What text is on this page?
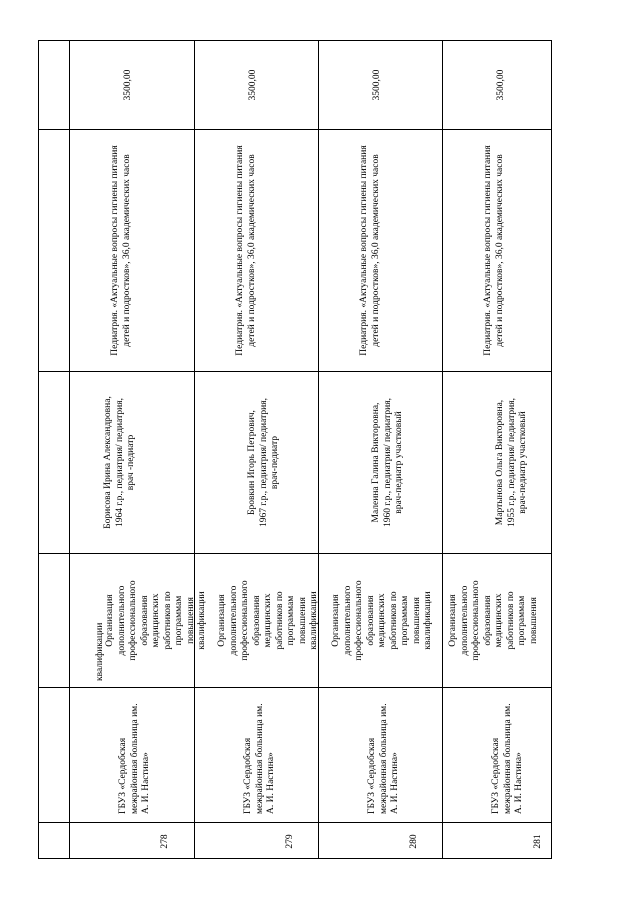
квалификации
3500,00
Педиатрия. «Актуальные вопросы гигиены питания детей и подростков», 36,0 академических часов
Борисова Ирина Александровна,
1964 г.р., педиатрия/ педиатрия,
врач -педиатр
Организация
дополнительного
профессионального
образования
медицинских
работников по
программам
повышения
квалификации
ГБУЗ «Сердобская межрайонная больница им. А. И. Настина»
278
3500,00
Педиатрия. «Актуальные вопросы гигиены питания детей и подростков», 36,0 академических часов
Бровкин Игорь Петрович,
1967 г.р., педиатрия/ педиатрия,
врач-педиатр
Организация
дополнительного
профессионального
образования
медицинских
работников по
программам
повышения
квалификации
ГБУЗ «Сердобская межрайонная больница им. А. И. Настина»
279
3500,00
Педиатрия. «Актуальные вопросы гигиены питания детей и подростков», 36,0 академических часов
Малеина Галина Викторовна,
1960 г.р., педиатрия/ педиатрия,
врач-педиатр участковый
Организация
дополнительного
профессионального
образования
медицинских
работников по
программам
повышения
квалификации
ГБУЗ «Сердобская межрайонная больница им. А. И. Настина»
280
3500,00
Педиатрия. «Актуальные вопросы гигиены питания детей и подростков», 36,0 академических часов
Мартынова Ольга Викторовна,
1955 г.р., педиатрия/ педиатрия,
врач-педиатр участковый
Организация
дополнительного
профессионального
образования
медицинских
работников по
программам
повышения
ГБУЗ «Сердобская межрайонная больница им. А. И. Настина»
281
